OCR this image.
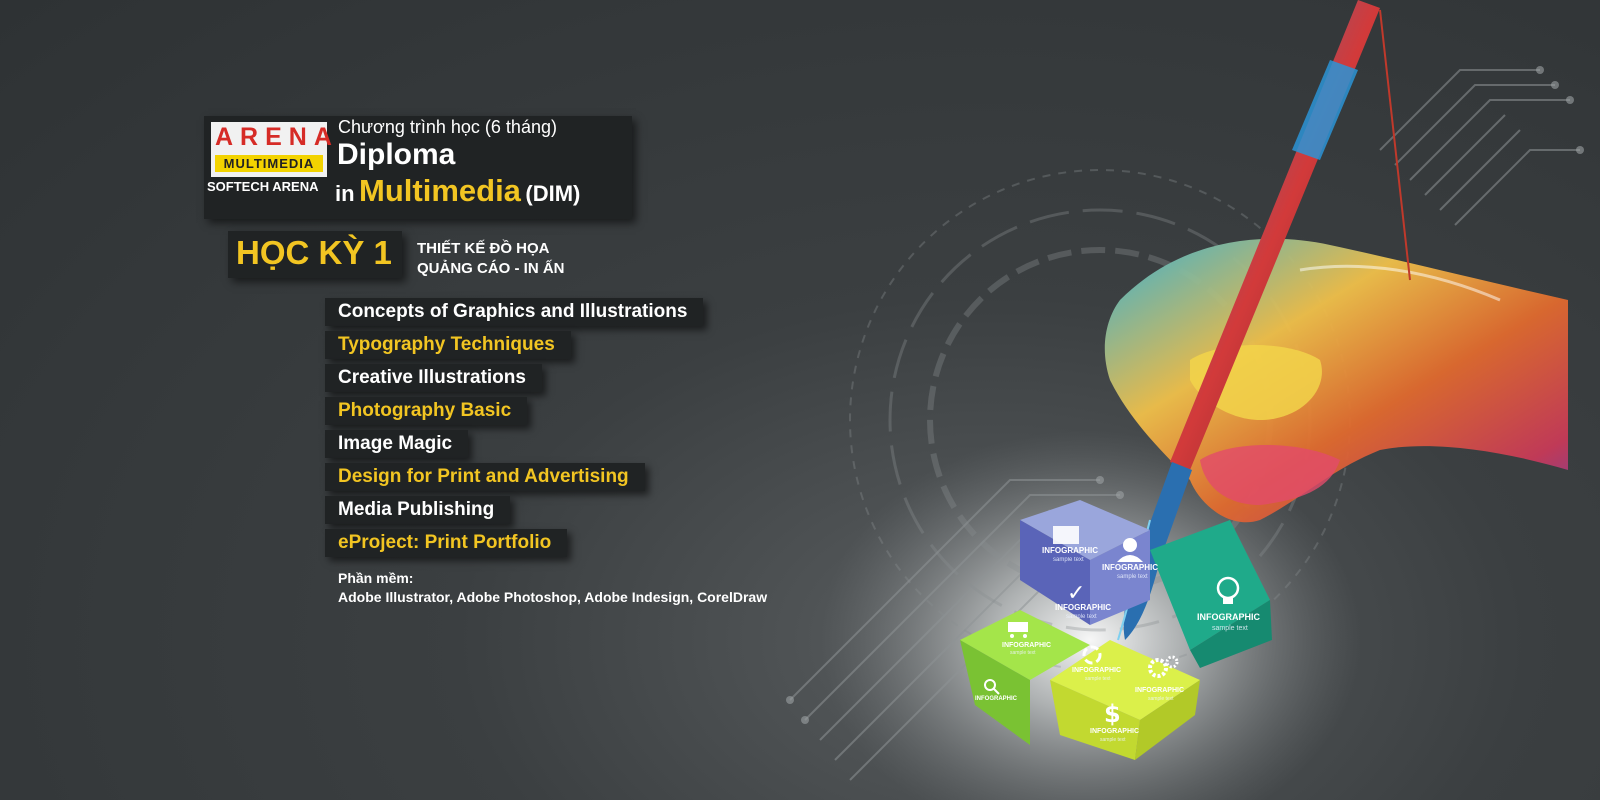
INFOGRAPHIC
INFOGRAPHIC
INFOGRAPHIC
INFOGRAPHIC
INFOGRAPHIC
INFOGRAPHIC
INFOGRAPHIC
INFOGRAPHIC
INFOGRAPHIC
sample text
sample text
sample text
sample text
sample text
sample text
sample text
sample text
✓
$
ARENA
MULTIMEDIA
SOFTECH ARENA
Chương trình học (6 tháng)
Diploma
in Multimedia (DIM)
HỌC KỲ 1 THIẾT KẾ ĐỒ HỌA
QUẢNG CÁO - IN ẤN
Concepts of Graphics and Illustrations
Typography Techniques
Creative Illustrations
Photography Basic
Image Magic
Design for Print and Advertising
Media Publishing
eProject: Print Portfolio
Phần mềm:
Adobe Illustrator, Adobe Photoshop, Adobe Indesign, CorelDraw
